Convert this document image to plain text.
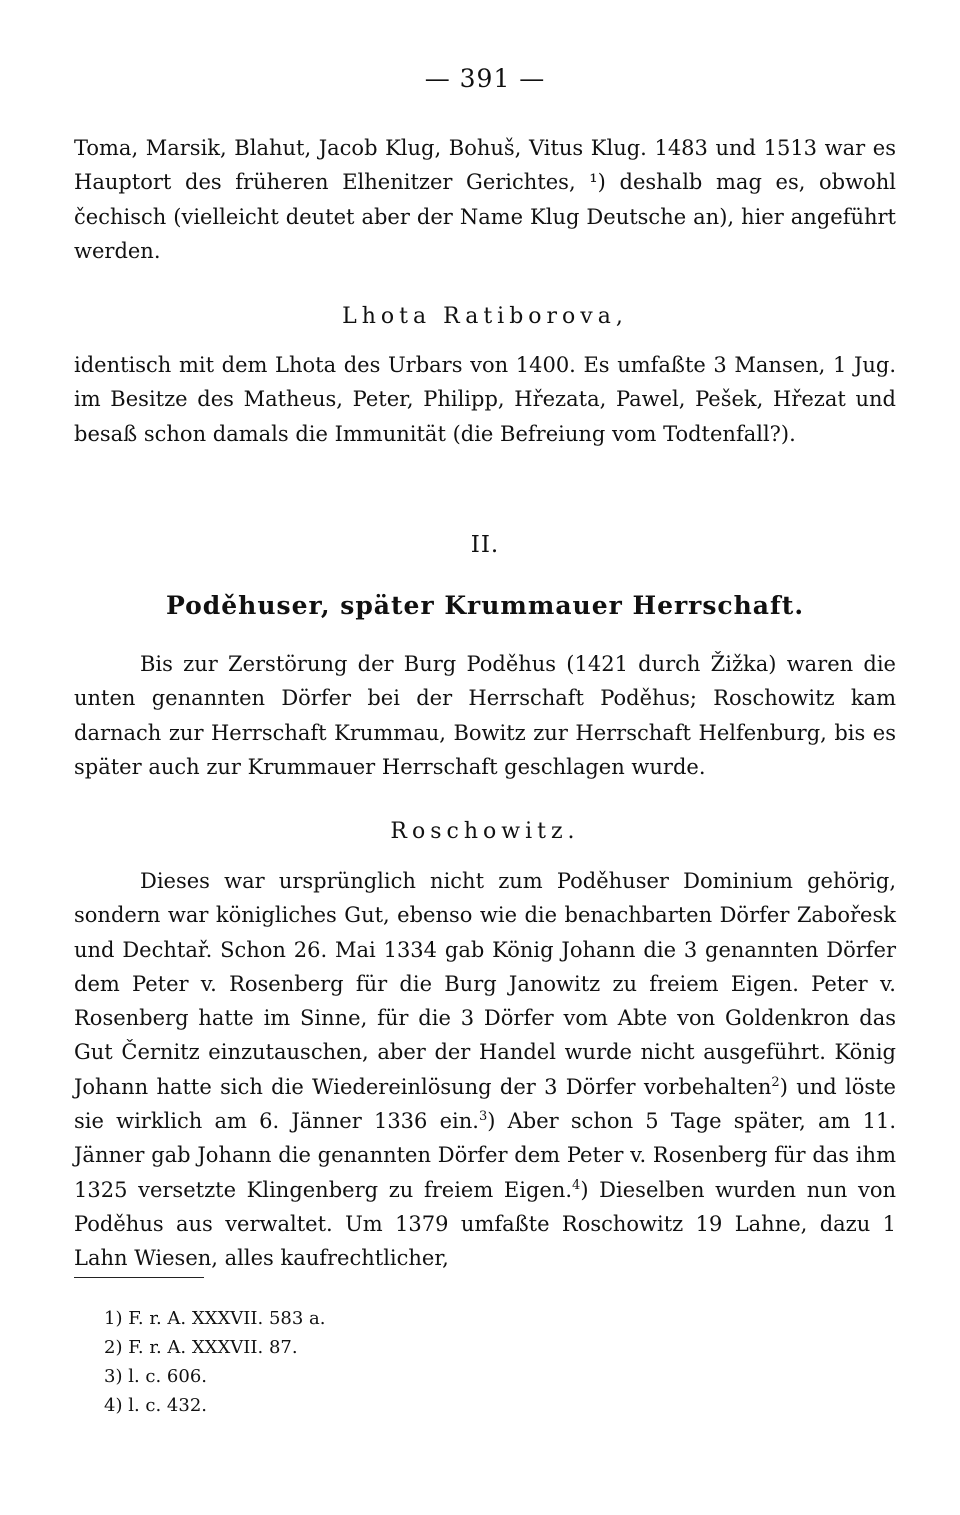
— 391 —

Toma, Marsik, Blahut, Jacob Klug, Bohuš, Vitus Klug. 1483 und 1513 war es Hauptort des früheren Elhenitzer Gerichtes, ¹) deshalb mag es, obwohl čechisch (vielleicht deutet aber der Name Klug Deutsche an), hier angeführt werden.

Lhota Ratiborova,

identisch mit dem Lhota des Urbars von 1400. Es umfaßte 3 Mansen, 1 Jug. im Besitze des Matheus, Peter, Philipp, Hřezata, Pawel, Pešek, Hřezat und besaß schon damals die Immunität (die Befreiung vom Todtenfall?).

II.
Poděhuser, später Krummauer Herrschaft.

Bis zur Zerstörung der Burg Poděhus (1421 durch Žižka) waren die unten genannten Dörfer bei der Herrschaft Poděhus; Roschowitz kam darnach zur Herrschaft Krummau, Bowitz zur Herrschaft Helfenburg, bis es später auch zur Krummauer Herrschaft geschlagen wurde.

Roschowitz.

Dieses war ursprünglich nicht zum Poděhuser Dominium gehörig, sondern war königliches Gut, ebenso wie die benachbarten Dörfer Zabořesk und Dechtař. Schon 26. Mai 1334 gab König Johann die 3 genannten Dörfer dem Peter v. Rosenberg für die Burg Janowitz zu freiem Eigen. Peter v. Rosenberg hatte im Sinne, für die 3 Dörfer vom Abte von Goldenkron das Gut Černitz einzutauschen, aber der Handel wurde nicht ausgeführt. König Johann hatte sich die Wiedereinlösung der 3 Dörfer vorbehalten$^2$) und löste sie wirklich am 6. Jänner 1336 ein.$^3$) Aber schon 5 Tage später, am 11. Jänner gab Johann die genannten Dörfer dem Peter v. Rosenberg für das ihm 1325 versetzte Klingenberg zu freiem Eigen.$^4$) Dieselben wurden nun von Poděhus aus verwaltet. Um 1379 umfaßte Roschowitz 19 Lahne, dazu 1 Lahn Wiesen, alles kaufrechtlicher,

1) F. r. A. XXXVII. 583 a.

2) F. r. A. XXXVII. 87.

3) l. c. 606.

4) l. c. 432.
